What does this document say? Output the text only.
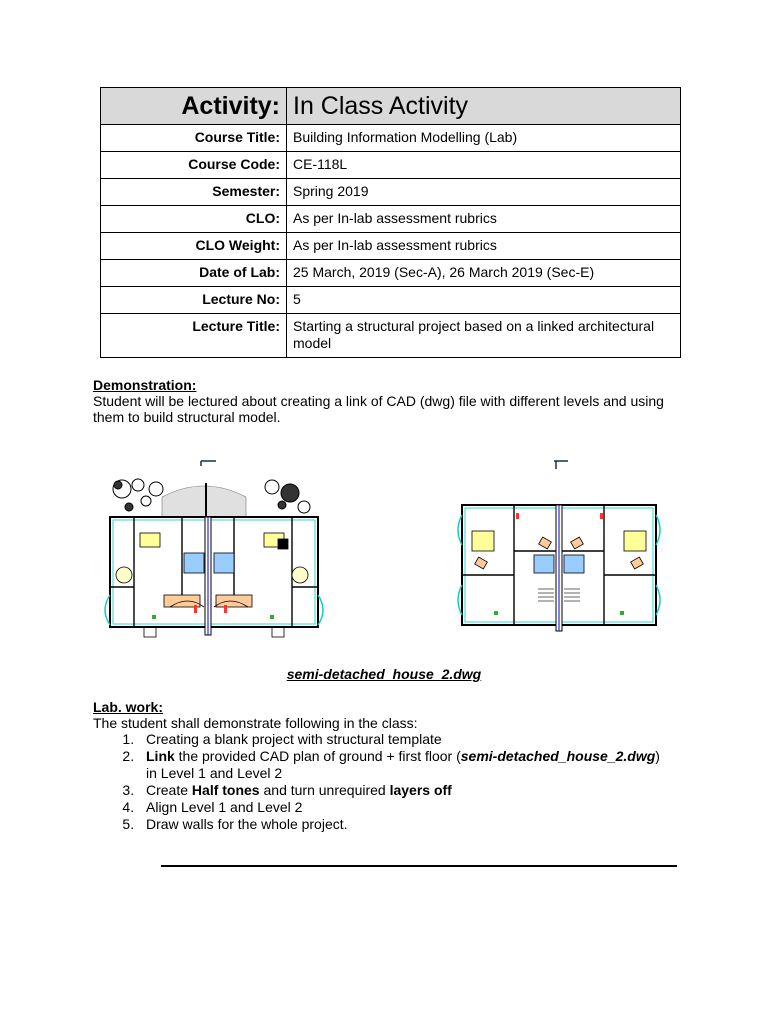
Activity:	In Class Activity
Course Title:	Building Information Modelling (Lab)
Course Code:	CE-118L
Semester:	Spring 2019
CLO:	As per In-lab assessment rubrics
CLO Weight:	As per In-lab assessment rubrics
Date of Lab:	25 March, 2019 (Sec-A), 26 March 2019 (Sec-E)
Lecture No:	5
Lecture Title:	Starting a structural project based on a linked architectural model
Demonstration:
Student will be lectured about creating a link of CAD (dwg) file with different levels and using them to build structural model.
semi-detached_house_2.dwg
Lab. work:
The student shall demonstrate following in the class:
1. Creating a blank project with structural template
2. Link the provided CAD plan of ground + first floor (semi-detached_house_2.dwg)
in Level 1 and Level 2
3. Create Half tones and turn unrequired layers off
4. Align Level 1 and Level 2
5. Draw walls for the whole project.
